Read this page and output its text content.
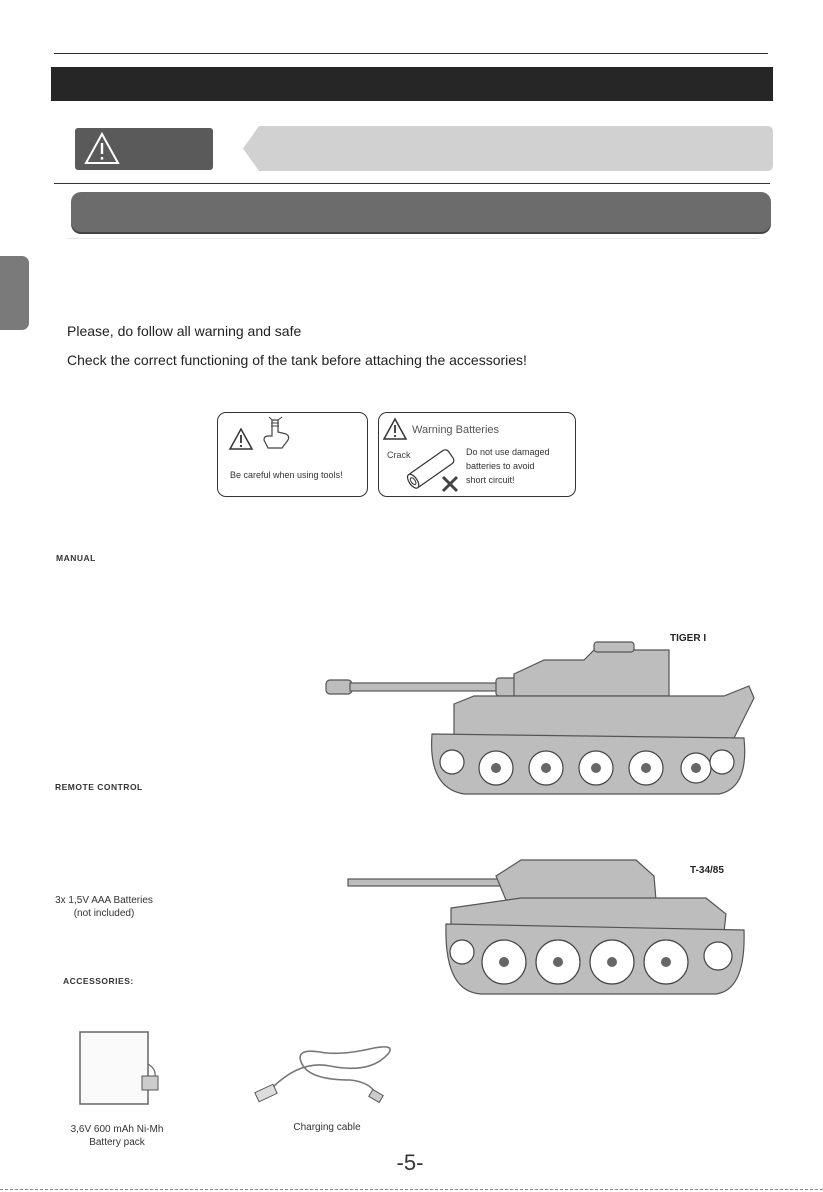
Please, do follow all warning and safe
Check the correct functioning of the tank before attaching the accessories!
Be careful when using tools!
Warning Batteries
Crack	Do not use damaged
batteries to avoid
short circuit!
MANUAL
REMOTE CONTROL
ACCESSORIES:
TIGER I
T-34/85
3x 1,5V AAA Batteries
(not included)
3,6V 600 mAh Ni-Mh
Battery pack
Charging cable
-5-
